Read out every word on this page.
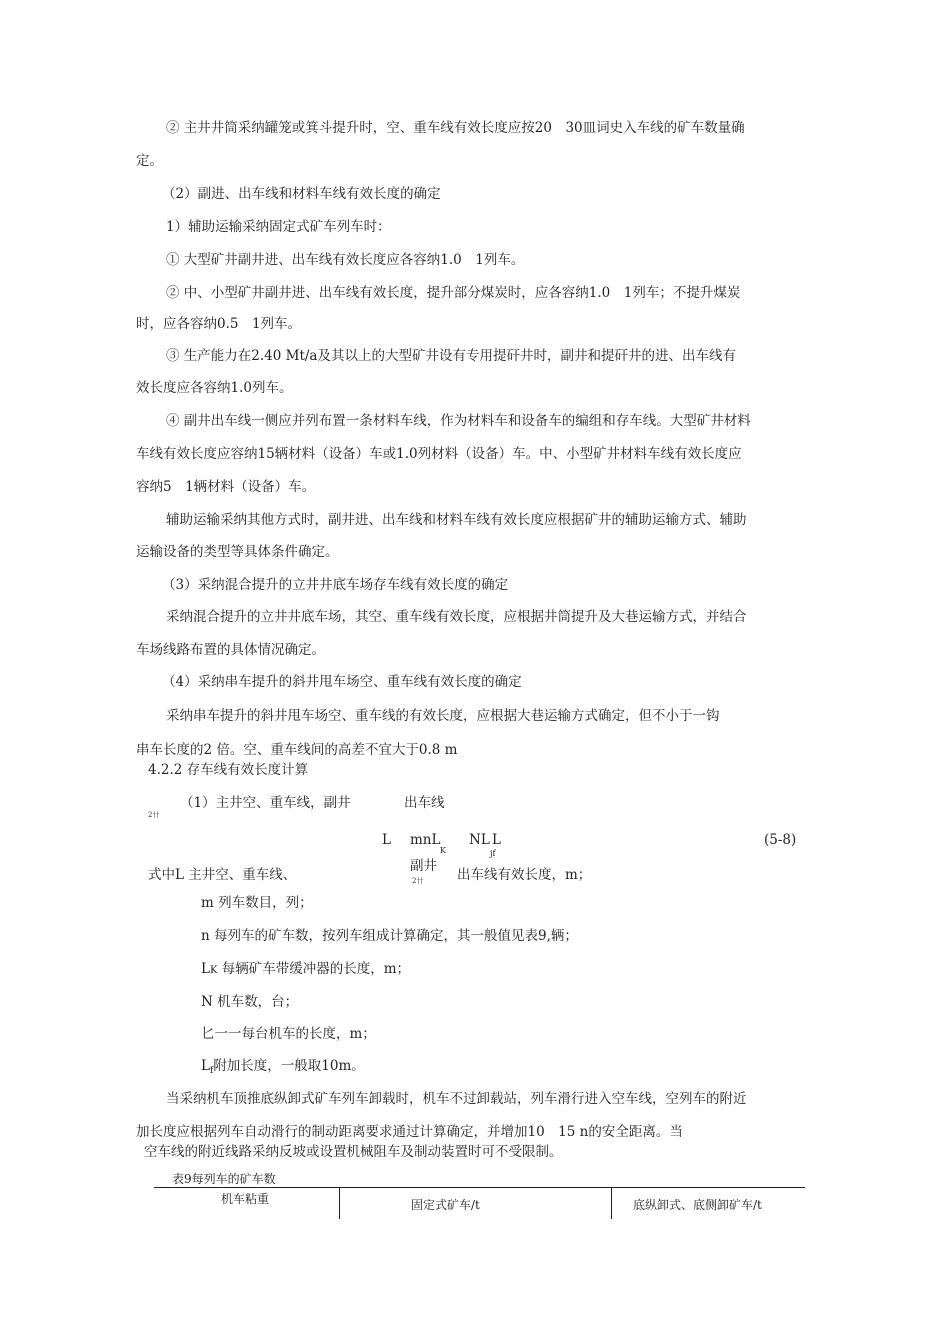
② 主井井筒采纳罐笼或箕斗提升时，空、重车线有效长度应按20　30皿词史入车线的矿车数量确
定。
（2）副进、出车线和材料车线有效长度的确定
1）辅助运输采纳固定式矿车列车时：
① 大型矿井副井进、出车线有效长度应各容纳1.0　1列车。
② 中、小型矿井副井进、出车线有效长度，提升部分煤炭时，应各容纳1.0　1列车；不提升煤炭
时，应各容纳0.5　1列车。
③ 生产能力在2.40 Mt/a及其以上的大型矿井设有专用提矸井时，副井和提矸井的进、出车线有
效长度应各容纳1.0列车。
④ 副井出车线一侧应并列布置一条材料车线，作为材料车和设备车的编组和存车线。大型矿井材料
车线有效长度应容纳15辆材料（设备）车或1.0列材料（设备）车。中、小型矿井材料车线有效长度应
容纳5　1辆材料（设备）车。
辅助运输采纳其他方式时，副井进、出车线和材料车线有效长度应根据矿井的辅助运输方式、辅助
运输设备的类型等具体条件确定。
（3）采纳混合提升的立井井底车场存车线有效长度的确定
采纳混合提升的立井井底车场，其空、重车线有效长度，应根据井筒提升及大巷运输方式，并结合
车场线路布置的具体情况确定。
（4）采纳串车提升的斜井甩车场空、重车线有效长度的确定
采纳串车提升的斜井甩车场空、重车线的有效长度，应根据大巷运输方式确定，但不小于一钩
串车长度的2 倍。空、重车线间的高差不宜大于0.8 m
4.2.2 存车线有效长度计算
（1）主井空、重车线，副井	出车线
2卄
L mnL
K
NL L
jf
(5-8)
式中L 主井空、重车线、
副井
出车线有效长度，m；
2卄
m 列车数目，列；
n 每列车的矿车数，按列车组成计算确定，其一般值见表9,辆；
LK 每辆矿车带缓冲器的长度，m；
N 机车数，台；
匕一一每台机车的长度，m；
$L_f$附加长度，一般取10m。
当采纳机车顶推底纵卸式矿车列车卸载时，机车不过卸载站，列车滑行进入空车线，空列车的附近
加长度应根据列车自动滑行的制动距离要求通过计算确定，并增加10　15 n的安全距离。当
空车线的附近线路采纳反坡或设置机械阻车及制动装置时可不受限制。
表9每列车的矿车数
机车粘重	固定式矿车/t	底纵卸式、底侧卸矿车/t
